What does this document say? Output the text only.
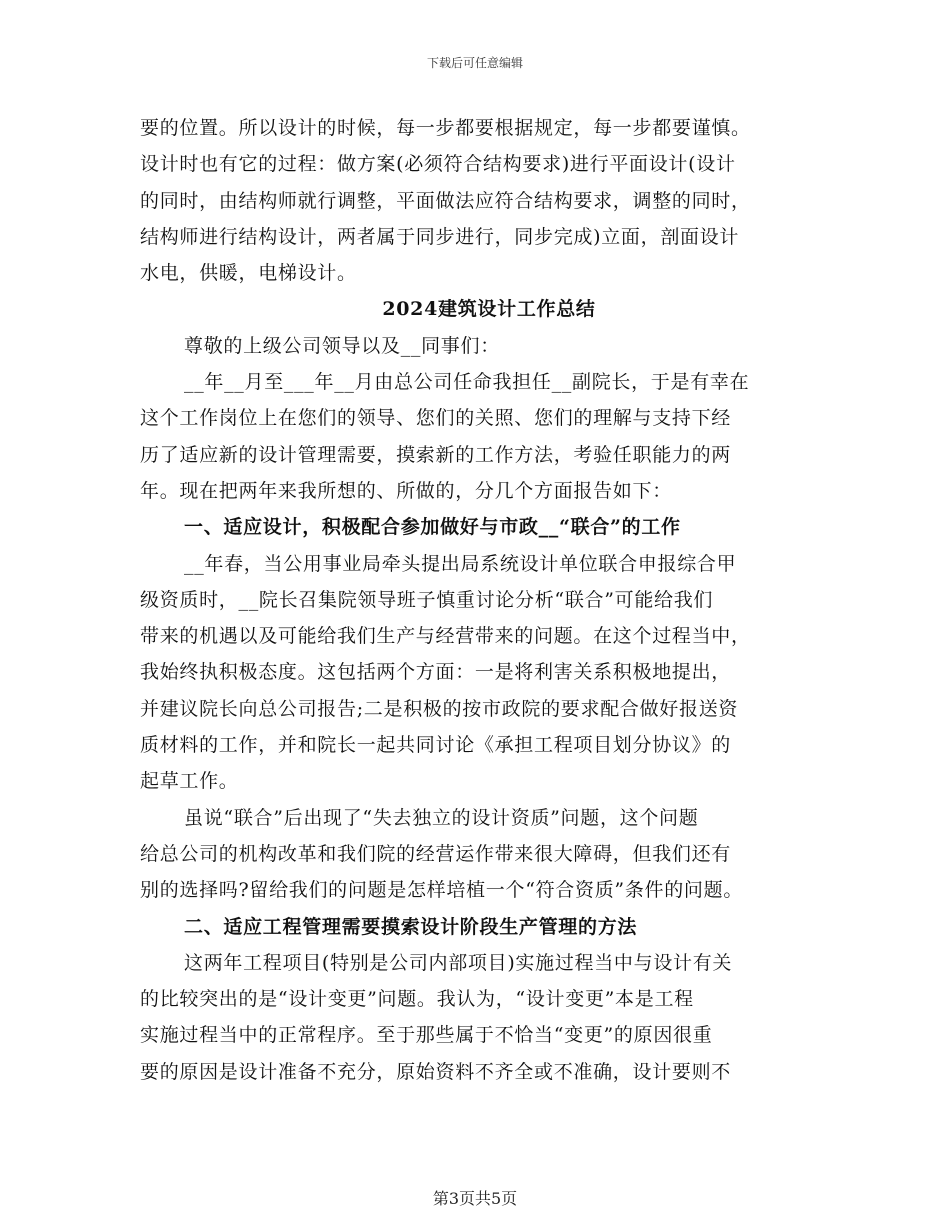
下载后可任意编辑
要的位置。所以设计的时候，每一步都要根据规定，每一步都要谨慎。
设计时也有它的过程：做方案(必须符合结构要求)进行平面设计(设计
的同时，由结构师就行调整，平面做法应符合结构要求，调整的同时，
结构师进行结构设计，两者属于同步进行，同步完成)立面，剖面设计
水电，供暖，电梯设计。
2024建筑设计工作总结
尊敬的上级公司领导以及__同事们：
__年__月至___年__月由总公司任命我担任__副院长，于是有幸在
这个工作岗位上在您们的领导、您们的关照、您们的理解与支持下经
历了适应新的设计管理需要，摸索新的工作方法，考验任职能力的两
年。现在把两年来我所想的、所做的，分几个方面报告如下：
一、适应设计，积极配合参加做好与市政__“联合”的工作
__年春，当公用事业局牵头提出局系统设计单位联合申报综合甲
级资质时，__院长召集院领导班子慎重讨论分析“联合”可能给我们
带来的机遇以及可能给我们生产与经营带来的问题。在这个过程当中，
我始终执积极态度。这包括两个方面：一是将利害关系积极地提出，
并建议院长向总公司报告;二是积极的按市政院的要求配合做好报送资
质材料的工作，并和院长一起共同讨论《承担工程项目划分协议》的
起草工作。
虽说“联合”后出现了“失去独立的设计资质”问题，这个问题
给总公司的机构改革和我们院的经营运作带来很大障碍，但我们还有
别的选择吗?留给我们的问题是怎样培植一个“符合资质”条件的问题。
二、适应工程管理需要摸索设计阶段生产管理的方法
这两年工程项目(特别是公司内部项目)实施过程当中与设计有关
的比较突出的是“设计变更”问题。我认为，“设计变更”本是工程
实施过程当中的正常程序。至于那些属于不恰当“变更”的原因很重
要的原因是设计准备不充分，原始资料不齐全或不准确，设计要则不
第3页共5页
